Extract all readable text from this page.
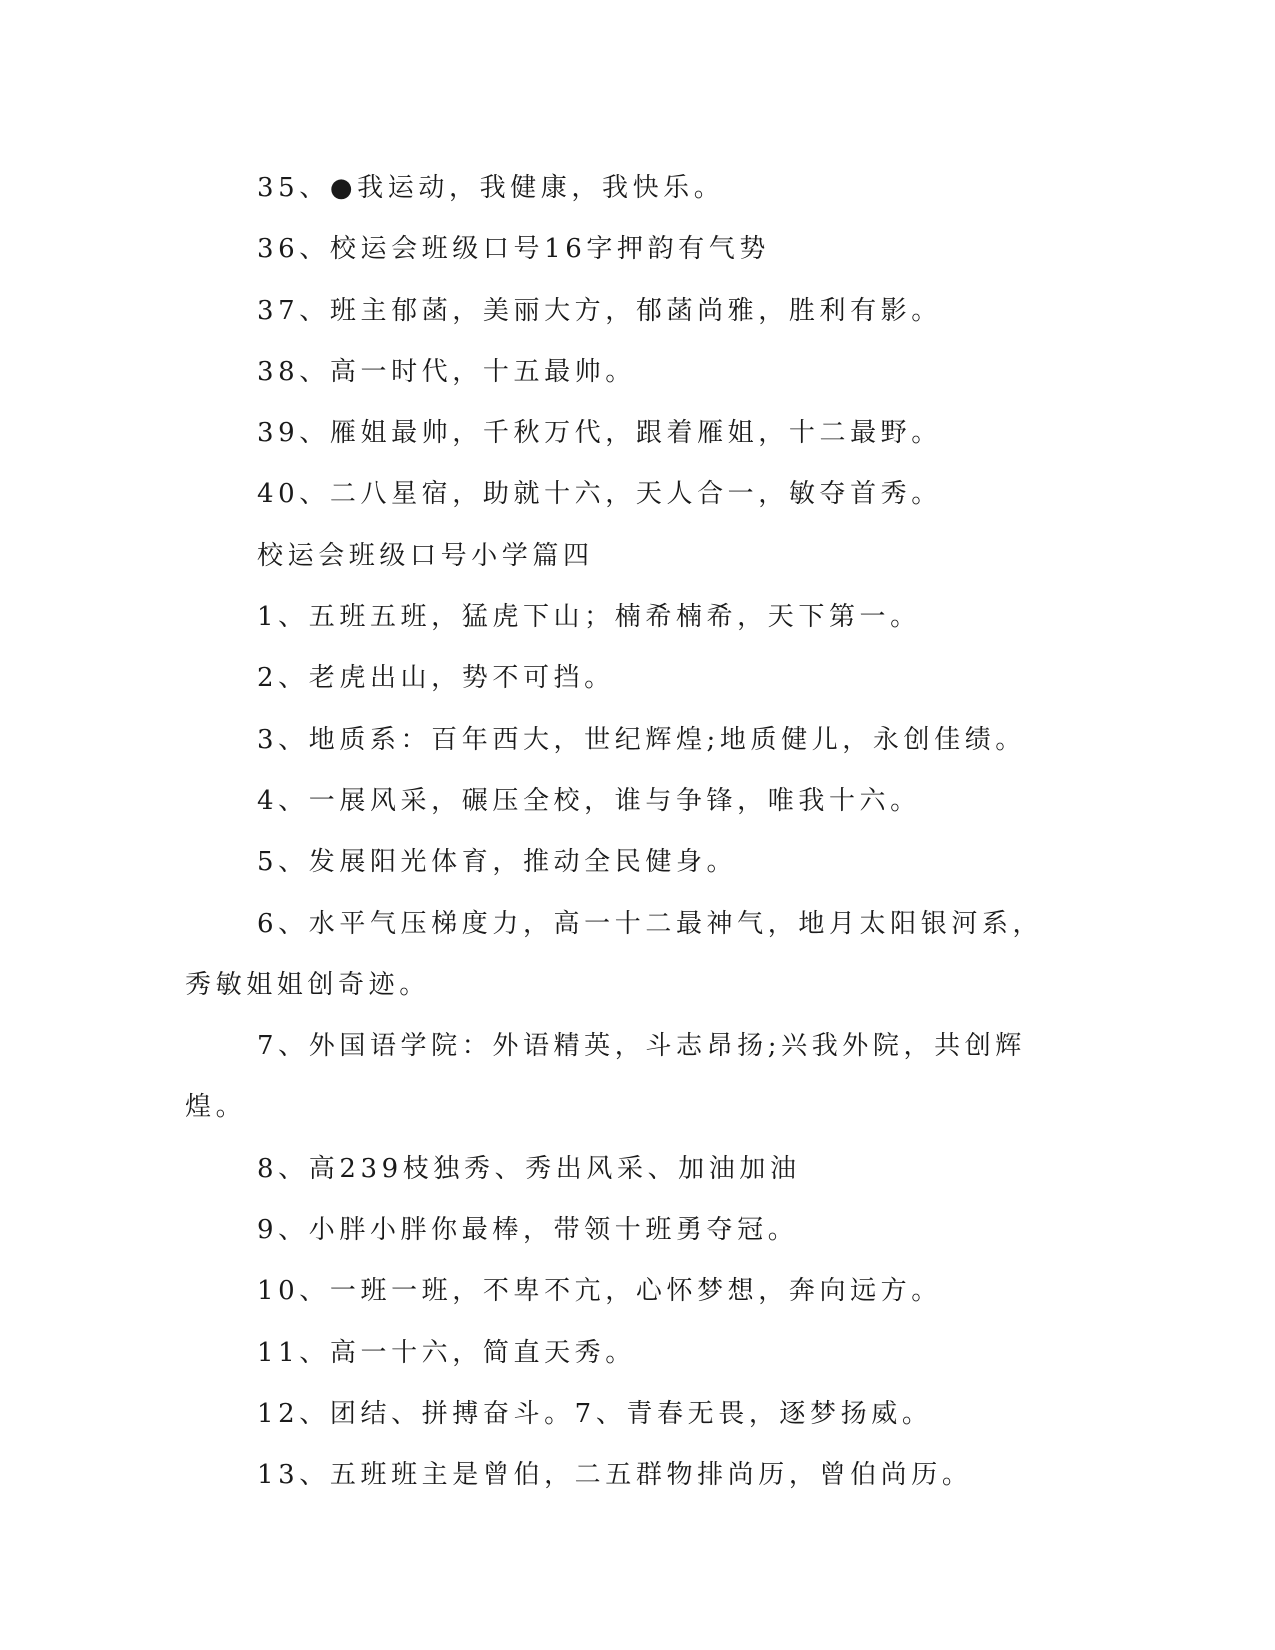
35、●我运动，我健康，我快乐。

36、校运会班级口号16字押韵有气势

37、班主郁菡，美丽大方，郁菡尚雅，胜利有影。

38、高一时代，十五最帅。

39、雁姐最帅，千秋万代，跟着雁姐，十二最野。

40、二八星宿，助就十六，天人合一，敏夺首秀。

校运会班级口号小学篇四

1、五班五班，猛虎下山；楠希楠希，天下第一。

2、老虎出山，势不可挡。

3、地质系：百年西大，世纪辉煌;地质健儿，永创佳绩。

4、一展风采，碾压全校，谁与争锋，唯我十六。

5、发展阳光体育，推动全民健身。

6、水平气压梯度力，高一十二最神气，地月太阳银河系，秀敏姐姐创奇迹。

7、外国语学院：外语精英，斗志昂扬;兴我外院，共创辉煌。

8、高239枝独秀、秀出风采、加油加油

9、小胖小胖你最棒，带领十班勇夺冠。

10、一班一班，不卑不亢，心怀梦想，奔向远方。

11、高一十六，简直天秀。

12、团结、拼搏奋斗。7、青春无畏，逐梦扬威。

13、五班班主是曾伯，二五群物排尚历，曾伯尚历。
